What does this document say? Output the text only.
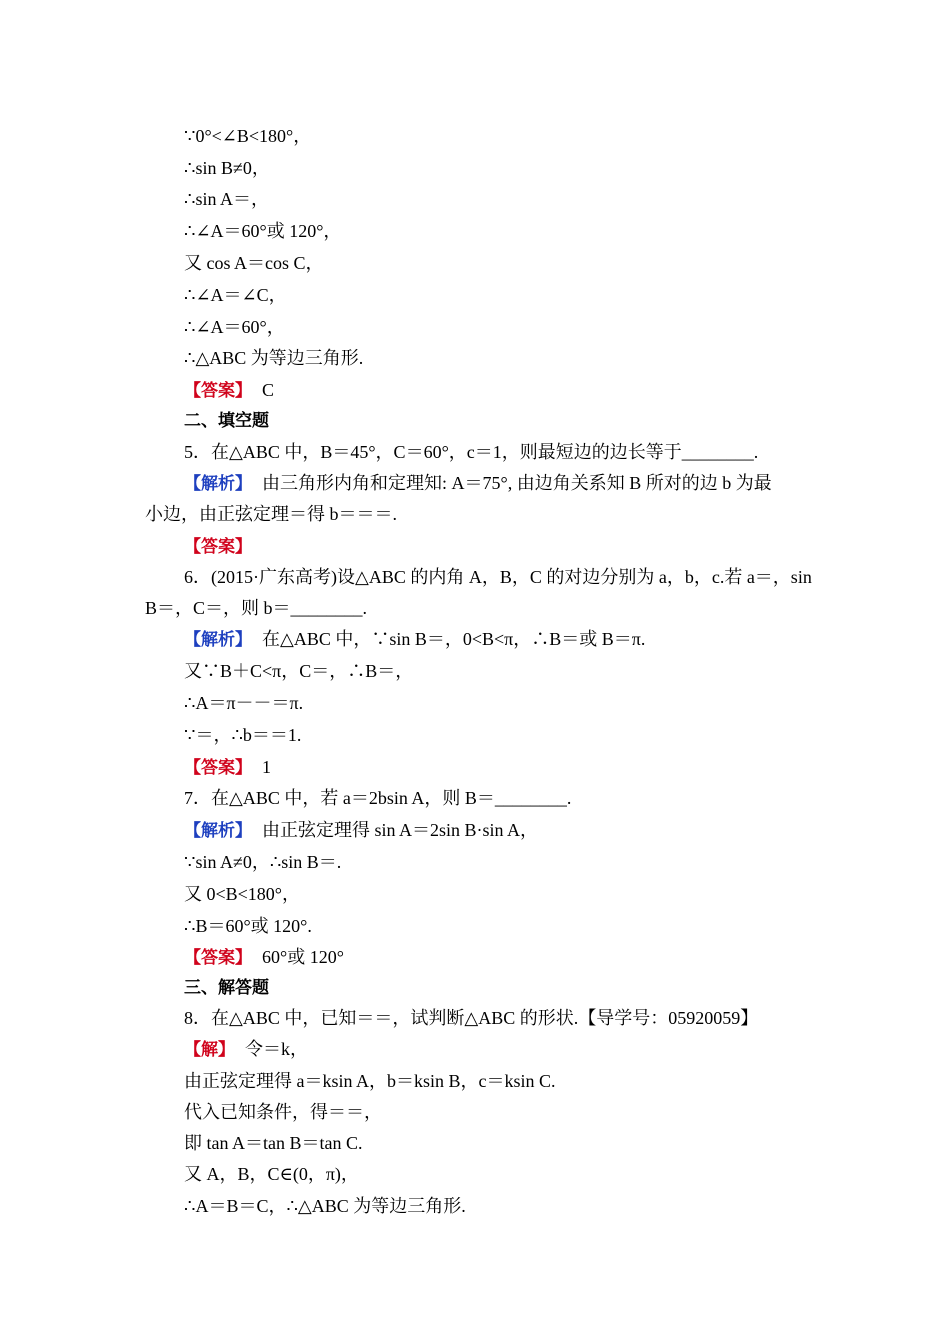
∵0°<∠B<180°，
∴sin B≠0，
∴sin A＝，
∴∠A＝60°或 120°，
又 cos A＝cos C，
∴∠A＝∠C，
∴∠A＝60°，
∴△ABC 为等边三角形.
【答案】 C
二、填空题
5．在△ABC 中，B＝45°，C＝60°，c＝1，则最短边的边长等于________.
【解析】 由三角形内角和定理知: A＝75°, 由边角关系知 B 所对的边 b 为最
小边，由正弦定理＝得 b＝＝＝.
【答案】
6．(2015·广东高考)设△ABC 的内角 A，B，C 的对边分别为 a，b，c.若 a＝，sin
B＝，C＝，则 b＝________.
【解析】 在△ABC 中，∵sin B＝，0<B<π，∴B＝或 B＝π.
又∵B＋C<π，C＝，∴B＝，
∴A＝π－－＝π.
∵＝，∴b＝＝1.
【答案】 1
7．在△ABC 中，若 a＝2bsin A，则 B＝________.
【解析】 由正弦定理得 sin A＝2sin B·sin A，
∵sin A≠0，∴sin B＝.
又 0<B<180°，
∴B＝60°或 120°.
【答案】 60°或 120°
三、解答题
8．在△ABC 中，已知＝＝，试判断△ABC 的形状.【导学号：05920059】
【解】 令＝k，
由正弦定理得 a＝ksin A，b＝ksin B，c＝ksin C.
代入已知条件，得＝＝，
即 tan A＝tan B＝tan C.
又 A，B，C∈(0，π)，
∴A＝B＝C，∴△ABC 为等边三角形.
